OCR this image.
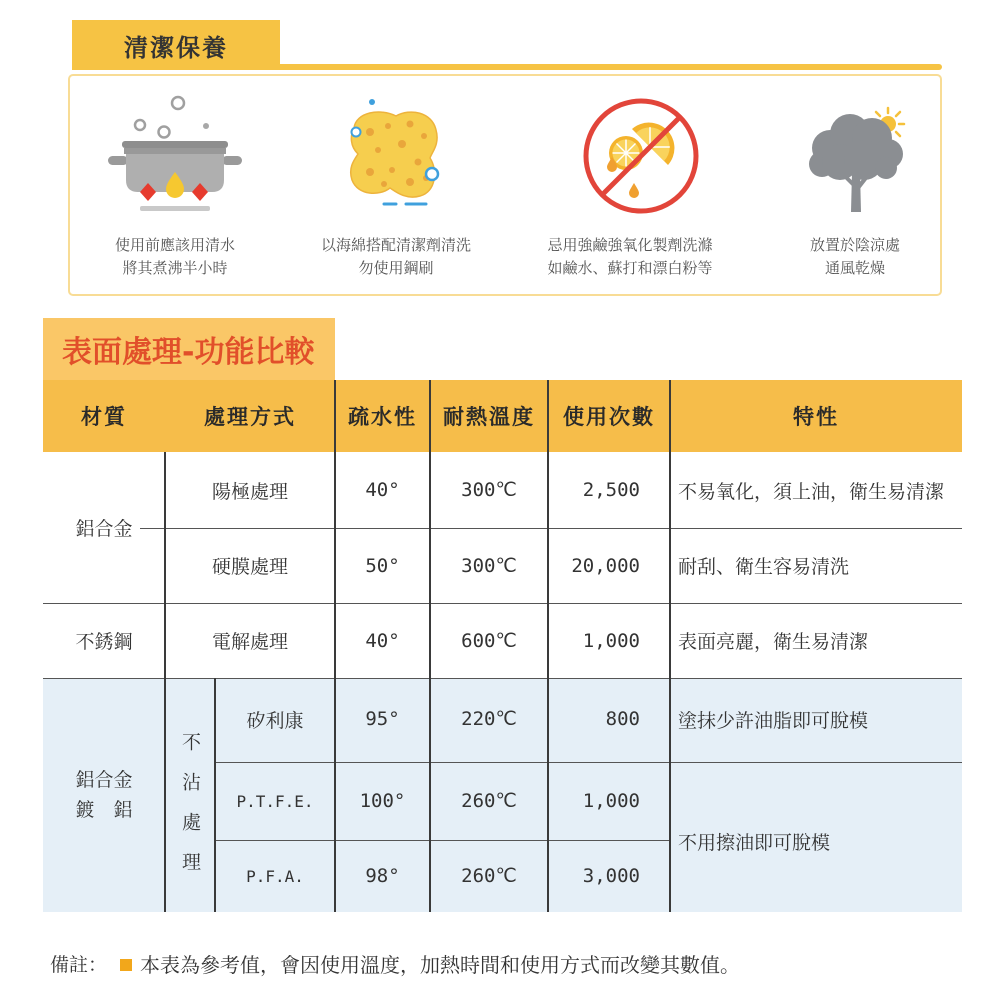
清潔保養
使用前應該用清水
將其煮沸半小時
以海綿搭配清潔劑清洗
勿使用鋼刷
忌用強鹼強氧化製劑洗滌
如鹼水、蘇打和漂白粉等
放置於陰涼處
通風乾燥
表面處理-功能比較
材質	處理方式	疏水性	耐熱溫度	使用次數	特性
鋁合金
陽極處理	40°	300℃	2,500	不易氧化，須上油，衛生易清潔
硬膜處理	50°	300℃	20,000	耐刮、衛生容易清洗
不銹鋼	電解處理	40°	600℃	1,000	表面亮麗，衛生易清潔
鋁合金
鍍　鋁	不沾處理
矽利康	95°	220℃	800	塗抹少許油脂即可脫模
P.T.F.E.	100°	260℃	1,000
P.F.A.	98°	260℃	3,000
不用擦油即可脫模
備註： 本表為參考值，會因使用溫度，加熱時間和使用方式而改變其數值。
